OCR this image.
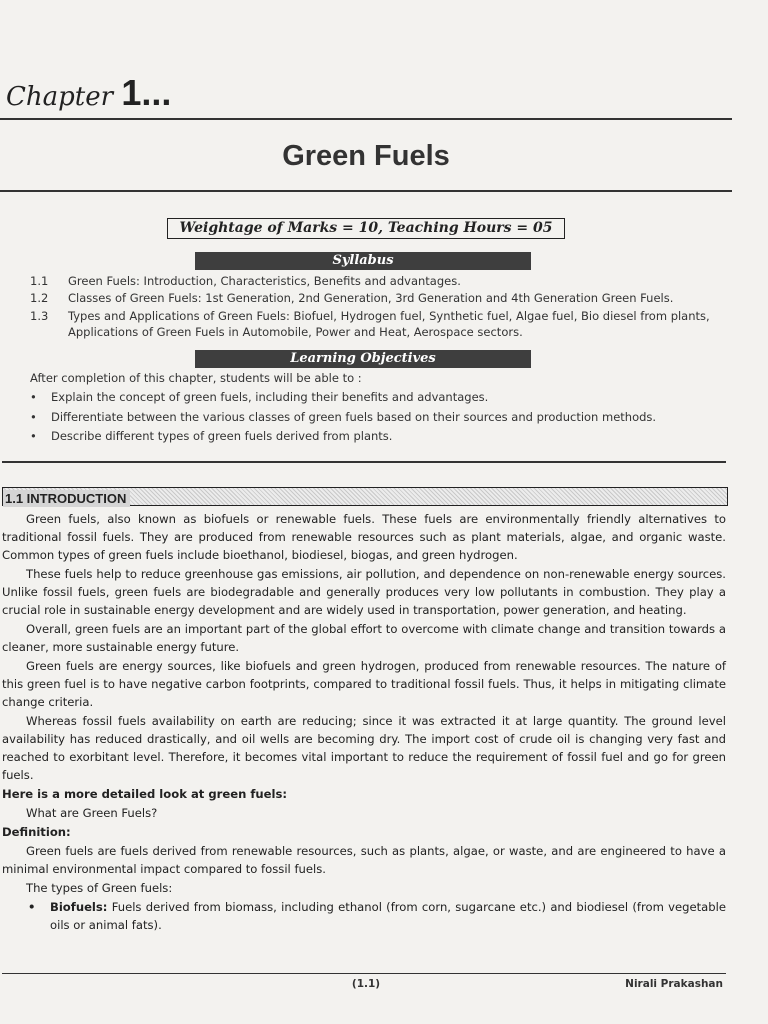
Chapter 1...
Green Fuels
Weightage of Marks = 10, Teaching Hours = 05
Syllabus
1.1 Green Fuels: Introduction, Characteristics, Benefits and advantages.
1.2 Classes of Green Fuels: 1st Generation, 2nd Generation, 3rd Generation and 4th Generation Green Fuels.
1.3 Types and Applications of Green Fuels: Biofuel, Hydrogen fuel, Synthetic fuel, Algae fuel, Bio diesel from plants, Applications of Green Fuels in Automobile, Power and Heat, Aerospace sectors.
Learning Objectives
After completion of this chapter, students will be able to :
• Explain the concept of green fuels, including their benefits and advantages.
• Differentiate between the various classes of green fuels based on their sources and production methods.
• Describe different types of green fuels derived from plants.
1.1 INTRODUCTION

Green fuels, also known as biofuels or renewable fuels. These fuels are environmentally friendly alternatives to traditional fossil fuels. They are produced from renewable resources such as plant materials, algae, and organic waste. Common types of green fuels include bioethanol, biodiesel, biogas, and green hydrogen.

These fuels help to reduce greenhouse gas emissions, air pollution, and dependence on non-renewable energy sources. Unlike fossil fuels, green fuels are biodegradable and generally produces very low pollutants in combustion. They play a crucial role in sustainable energy development and are widely used in transportation, power generation, and heating.

Overall, green fuels are an important part of the global effort to overcome with climate change and transition towards a cleaner, more sustainable energy future.

Green fuels are energy sources, like biofuels and green hydrogen, produced from renewable resources. The nature of this green fuel is to have negative carbon footprints, compared to traditional fossil fuels. Thus, it helps in mitigating climate change criteria.

Whereas fossil fuels availability on earth are reducing; since it was extracted it at large quantity. The ground level availability has reduced drastically, and oil wells are becoming dry. The import cost of crude oil is changing very fast and reached to exorbitant level. Therefore, it becomes vital important to reduce the requirement of fossil fuel and go for green fuels.

Here is a more detailed look at green fuels:

What are Green Fuels?

Definition:

Green fuels are fuels derived from renewable resources, such as plants, algae, or waste, and are engineered to have a minimal environmental impact compared to fossil fuels.

The types of Green fuels:

• Biofuels: Fuels derived from biomass, including ethanol (from corn, sugarcane etc.) and biodiesel (from vegetable oils or animal fats).

(1.1)	Nirali Prakashan
